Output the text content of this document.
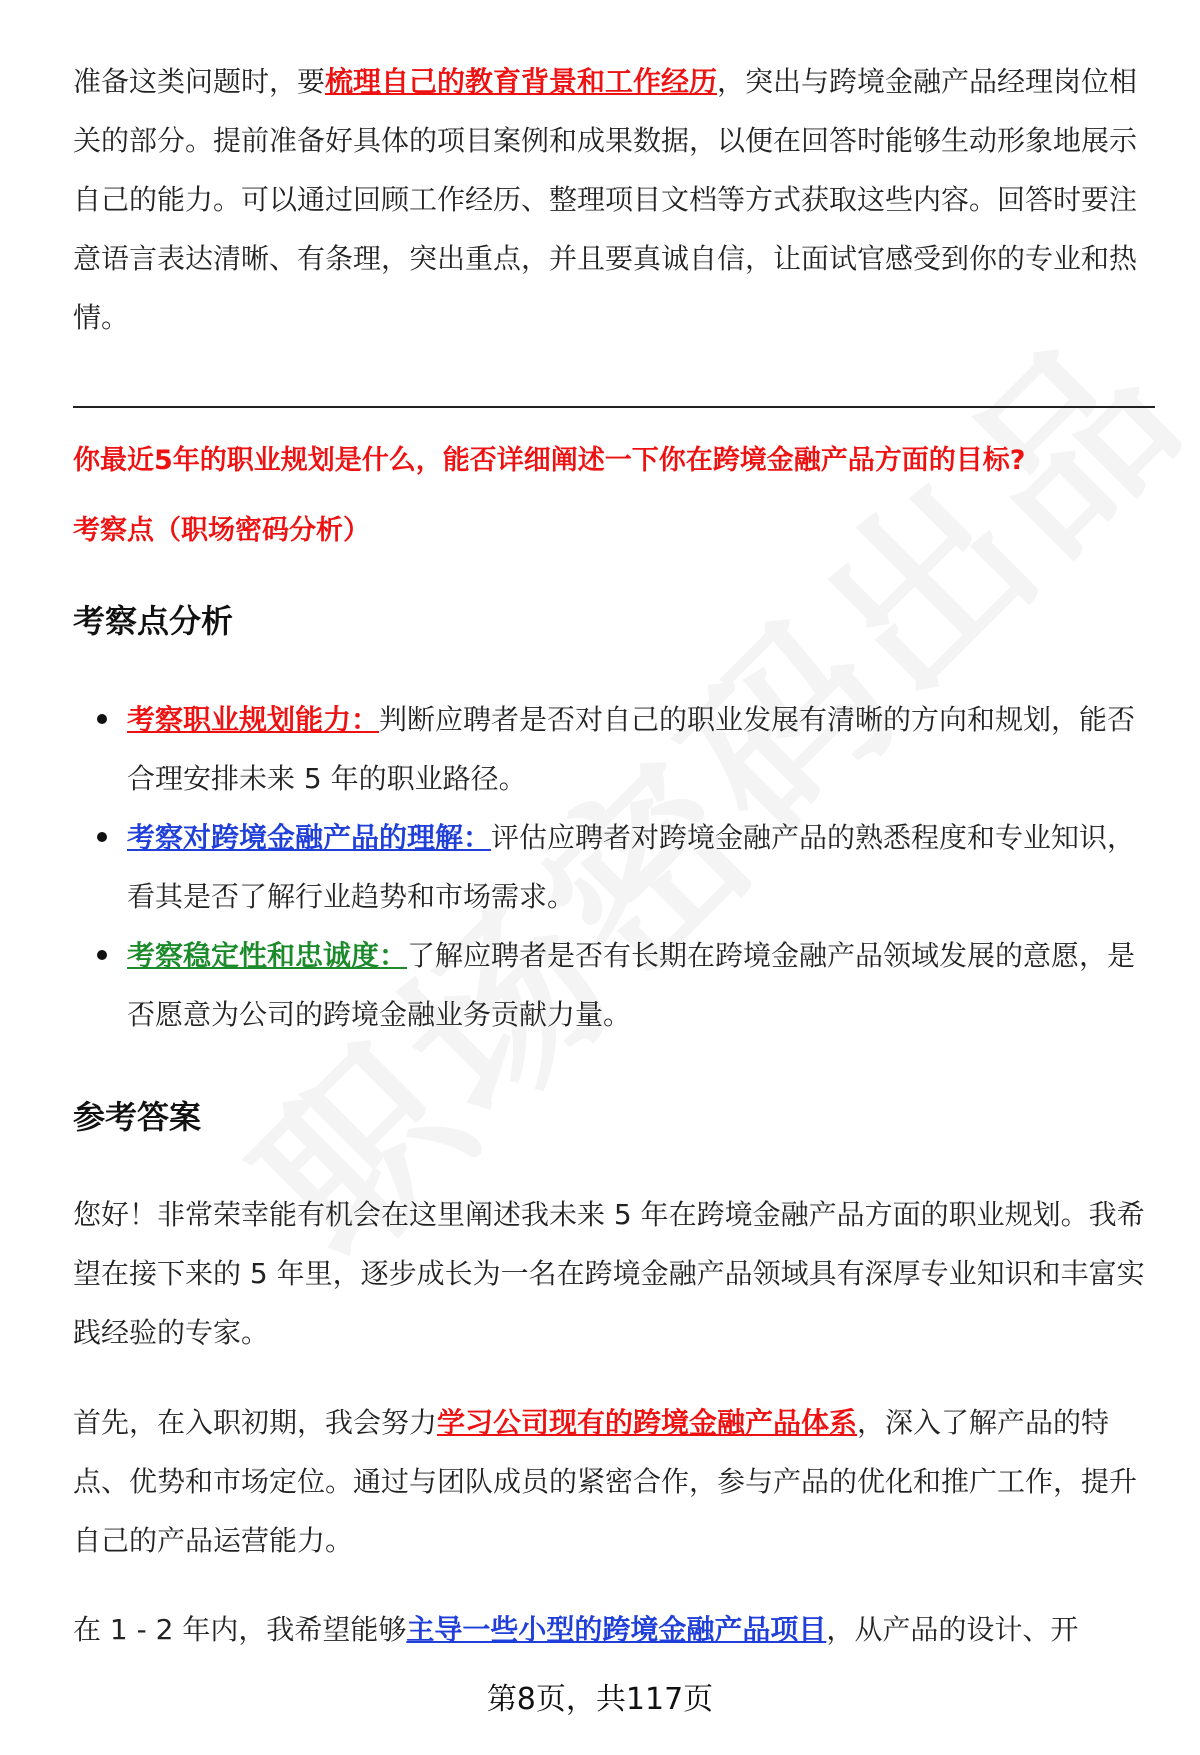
准备这类问题时，要梳理自己的教育背景和工作经历，突出与跨境金融产品经理岗位相关的部分。提前准备好具体的项目案例和成果数据，以便在回答时能够生动形象地展示自己的能力。可以通过回顾工作经历、整理项目文档等方式获取这些内容。回答时要注意语言表达清晰、有条理，突出重点，并且要真诚自信，让面试官感受到你的专业和热情。
你最近5年的职业规划是什么，能否详细阐述一下你在跨境金融产品方面的目标?
考察点（职场密码分析）
考察点分析
考察职业规划能力：判断应聘者是否对自己的职业发展有清晰的方向和规划，能否合理安排未来 5 年的职业路径。
考察对跨境金融产品的理解：评估应聘者对跨境金融产品的熟悉程度和专业知识，看其是否了解行业趋势和市场需求。
考察稳定性和忠诚度：了解应聘者是否有长期在跨境金融产品领域发展的意愿，是否愿意为公司的跨境金融业务贡献力量。
参考答案
您好！非常荣幸能有机会在这里阐述我未来 5 年在跨境金融产品方面的职业规划。我希望在接下来的 5 年里，逐步成长为一名在跨境金融产品领域具有深厚专业知识和丰富实践经验的专家。
首先，在入职初期，我会努力学习公司现有的跨境金融产品体系，深入了解产品的特点、优势和市场定位。通过与团队成员的紧密合作，参与产品的优化和推广工作，提升自己的产品运营能力。
在 1 - 2 年内，我希望能够主导一些小型的跨境金融产品项目，从产品的设计、开
第8页，共117页
